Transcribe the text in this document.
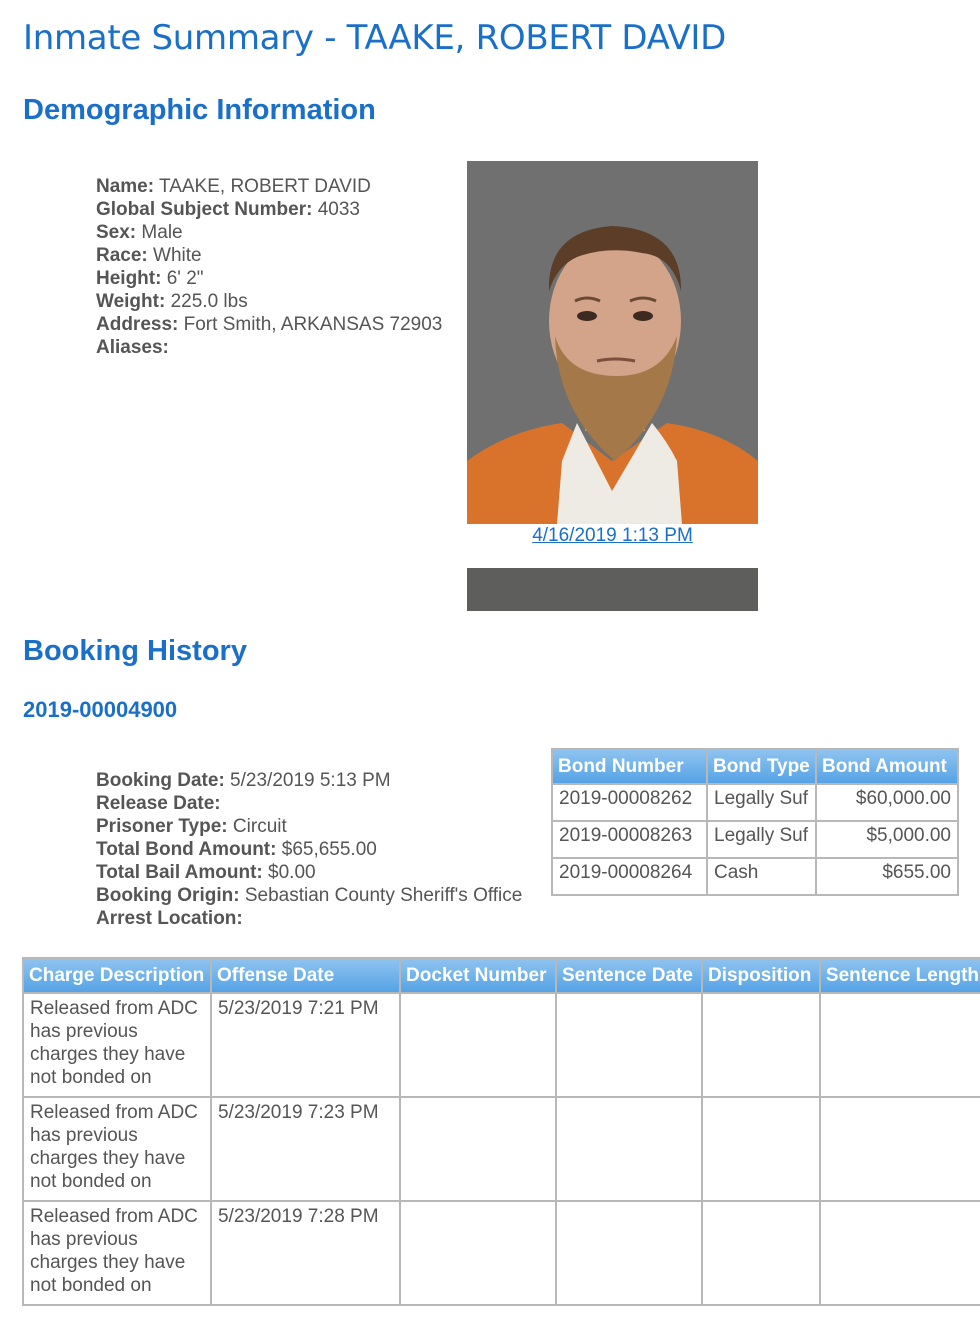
Inmate Summary - TAAKE, ROBERT DAVID
Demographic Information
Name: TAAKE, ROBERT DAVID
Global Subject Number: 4033
Sex: Male
Race: White
Height: 6' 2"
Weight: 225.0 lbs
Address: Fort Smith, ARKANSAS 72903
Aliases:
4/16/2019 1:13 PM
Booking History
2019-00004900
Booking Date: 5/23/2019 5:13 PM
Release Date:
Prisoner Type: Circuit
Total Bond Amount: $65,655.00
Total Bail Amount: $0.00
Booking Origin: Sebastian County Sheriff's Office
Arrest Location:
Bond Number	Bond Type	Bond Amount
2019-00008262	Legally Suf	$60,000.00
2019-00008263	Legally Suf	$5,000.00
2019-00008264	Cash	$655.00
Charge Description	Offense Date	Docket Number	Sentence Date	Disposition	Sentence Length
Released from ADC has previous charges they have not bonded on	5/23/2019 7:21 PM				
Released from ADC has previous charges they have not bonded on	5/23/2019 7:23 PM				
Released from ADC has previous charges they have not bonded on	5/23/2019 7:28 PM				
